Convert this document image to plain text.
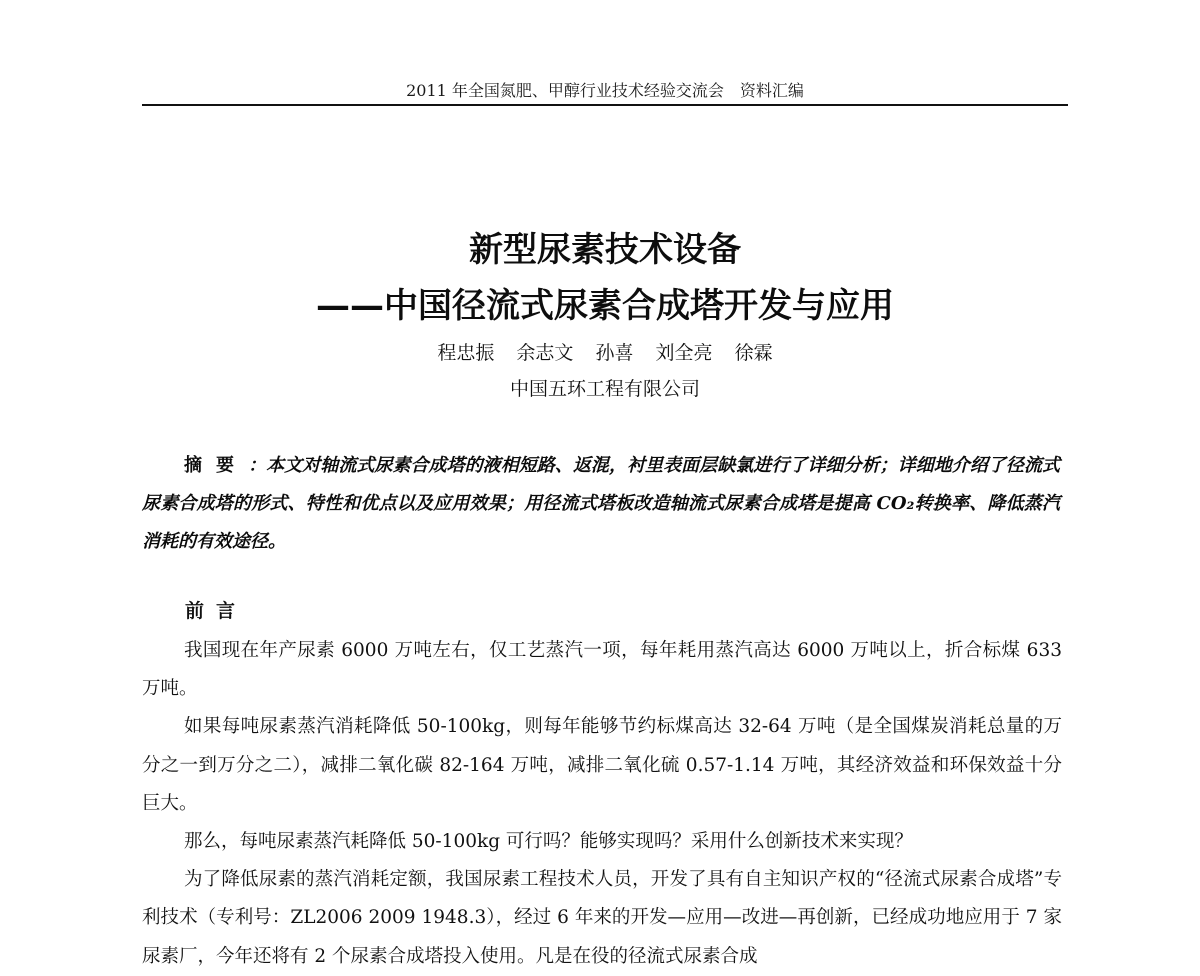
2011 年全国氮肥、甲醇行业技术经验交流会　资料汇编
新型尿素技术设备
——中国径流式尿素合成塔开发与应用
程忠振 余志文 孙喜 刘全亮 徐霖
中国五环工程有限公司
摘要：本文对轴流式尿素合成塔的液相短路、返混，衬里表面层缺氯进行了详细分析；详细地介绍了径流式尿素合成塔的形式、特性和优点以及应用效果；用径流式塔板改造轴流式尿素合成塔是提高 CO₂转换率、降低蒸汽消耗的有效途径。
前言

我国现在年产尿素 6000 万吨左右，仅工艺蒸汽一项，每年耗用蒸汽高达 6000 万吨以上，折合标煤 633 万吨。

如果每吨尿素蒸汽消耗降低 50-100kg，则每年能够节约标煤高达 32-64 万吨（是全国煤炭消耗总量的万分之一到万分之二），减排二氧化碳 82-164 万吨，减排二氧化硫 0.57-1.14 万吨，其经济效益和环保效益十分巨大。

那么，每吨尿素蒸汽耗降低 50-100kg 可行吗？能够实现吗？采用什么创新技术来实现？

为了降低尿素的蒸汽消耗定额，我国尿素工程技术人员，开发了具有自主知识产权的“径流式尿素合成塔”专利技术（专利号：ZL2006 2009 1948.3），经过 6 年来的开发—应用—改进—再创新，已经成功地应用于 7 家尿素厂，今年还将有 2 个尿素合成塔投入使用。凡是在役的径流式尿素合成
